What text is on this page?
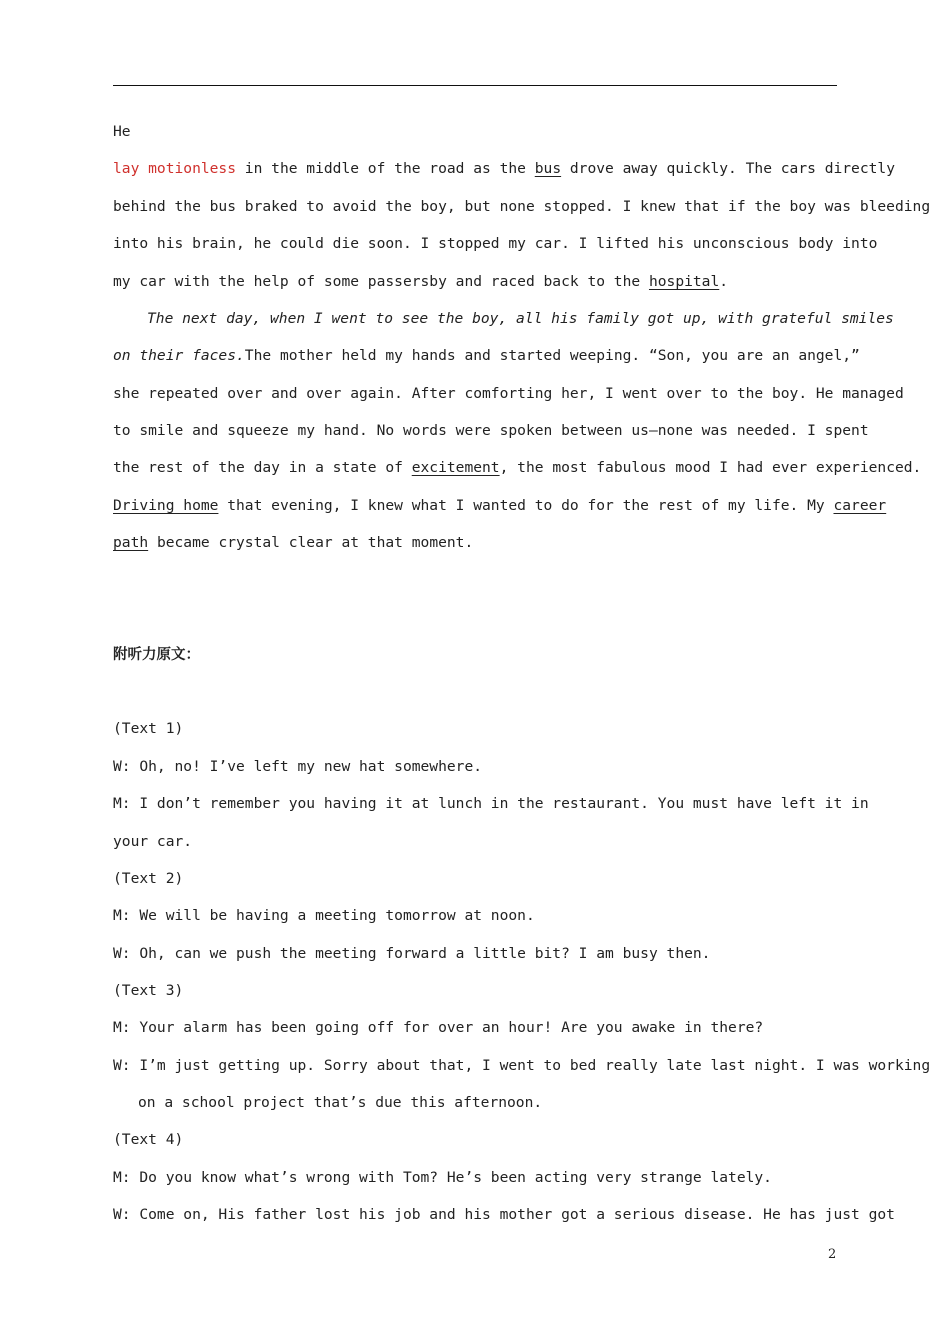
He
lay motionless in the middle of the road as the bus drove away quickly. The cars directly
behind the bus braked to avoid the boy, but none stopped. I knew that if the boy was bleeding
into his brain, he could die soon. I stopped my car. I lifted his unconscious body into
my car with the help of some passersby and raced back to the hospital.
The next day, when I went to see the boy, all his family got up, with grateful smiles
on their faces.The mother held my hands and started weeping. “Son, you are an angel,”
she repeated over and over again. After comforting her, I went over to the boy. He managed
to smile and squeeze my hand. No words were spoken between us—none was needed. I spent
the rest of the day in a state of excitement, the most fabulous mood I had ever experienced.
Driving home that evening, I knew what I wanted to do for the rest of my life. My career
path became crystal clear at that moment.
附听力原文：
(Text 1)
W: Oh, no! I’ve left my new hat somewhere.
M: I don’t remember you having it at lunch in the restaurant. You must have left it in
your car.
(Text 2)
M: We will be having a meeting tomorrow at noon.
W: Oh, can we push the meeting forward a little bit? I am busy then.
(Text 3)
M: Your alarm has been going off for over an hour! Are you awake in there?
W: I’m just getting up. Sorry about that, I went to bed really late last night. I was working
on a school project that’s due this afternoon.
(Text 4)
M: Do you know what’s wrong with Tom? He’s been acting very strange lately.
W: Come on, His father lost his job and his mother got a serious disease. He has just got
2
